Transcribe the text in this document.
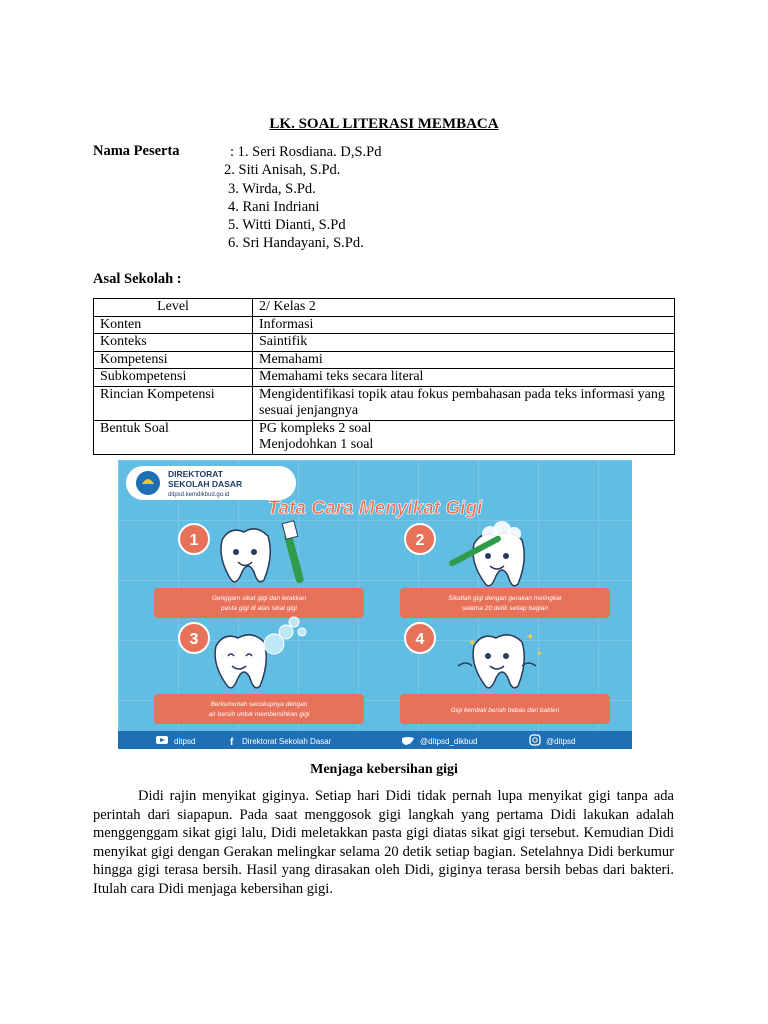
LK. SOAL LITERASI MEMBACA
Nama Peserta	: 1. Seri Rosdiana. D,S.Pd
2. Siti Anisah, S.Pd.
3. Wirda, S.Pd.
4. Rani Indriani
5. Witti Dianti, S.Pd
6. Sri Handayani, S.Pd.
Asal Sekolah :
Level	2/ Kelas 2
Konten	Informasi
Konteks	Saintifik
Kompetensi	Memahami
Subkompetensi	Memahami teks secara literal
Rincian Kompetensi	Mengidentifikasi topik atau fokus pembahasan pada teks informasi yang sesuai jenjangnya
Bentuk Soal	PG kompleks 2 soal
Menjodohkan 1 soal
DIREKTORAT
SEKOLAH DASAR
ditpsd.kemdikbud.go.id
Tata Cara Menyikat Gigi
1
Genggam sikat gigi dan letakkan
pasta gigi di atas sikat gigi
2
Sikatlah gigi dengan gerakan melingkar
selama 20 detik setiap bagian
3
Berkumurlah secukupnya dengan
air bersih untuk membersihkan gigi
4	✦
✦
✦
Gigi kembali bersih bebas dari bakteri
ditpsd	f Direktorat Sekolah Dasar	@ditpsd_dikbud	@ditpsd
Menjaga kebersihan gigi
Didi rajin menyikat giginya. Setiap hari Didi tidak pernah lupa menyikat gigi tanpa ada perintah dari siapapun. Pada saat menggosok gigi langkah yang pertama Didi lakukan adalah menggenggam sikat gigi lalu, Didi meletakkan pasta gigi diatas sikat gigi tersebut. Kemudian Didi menyikat gigi dengan Gerakan melingkar selama 20 detik setiap bagian. Setelahnya Didi berkumur hingga gigi terasa bersih. Hasil yang dirasakan oleh Didi, giginya terasa bersih bebas dari bakteri. Itulah cara Didi menjaga kebersihan gigi.
